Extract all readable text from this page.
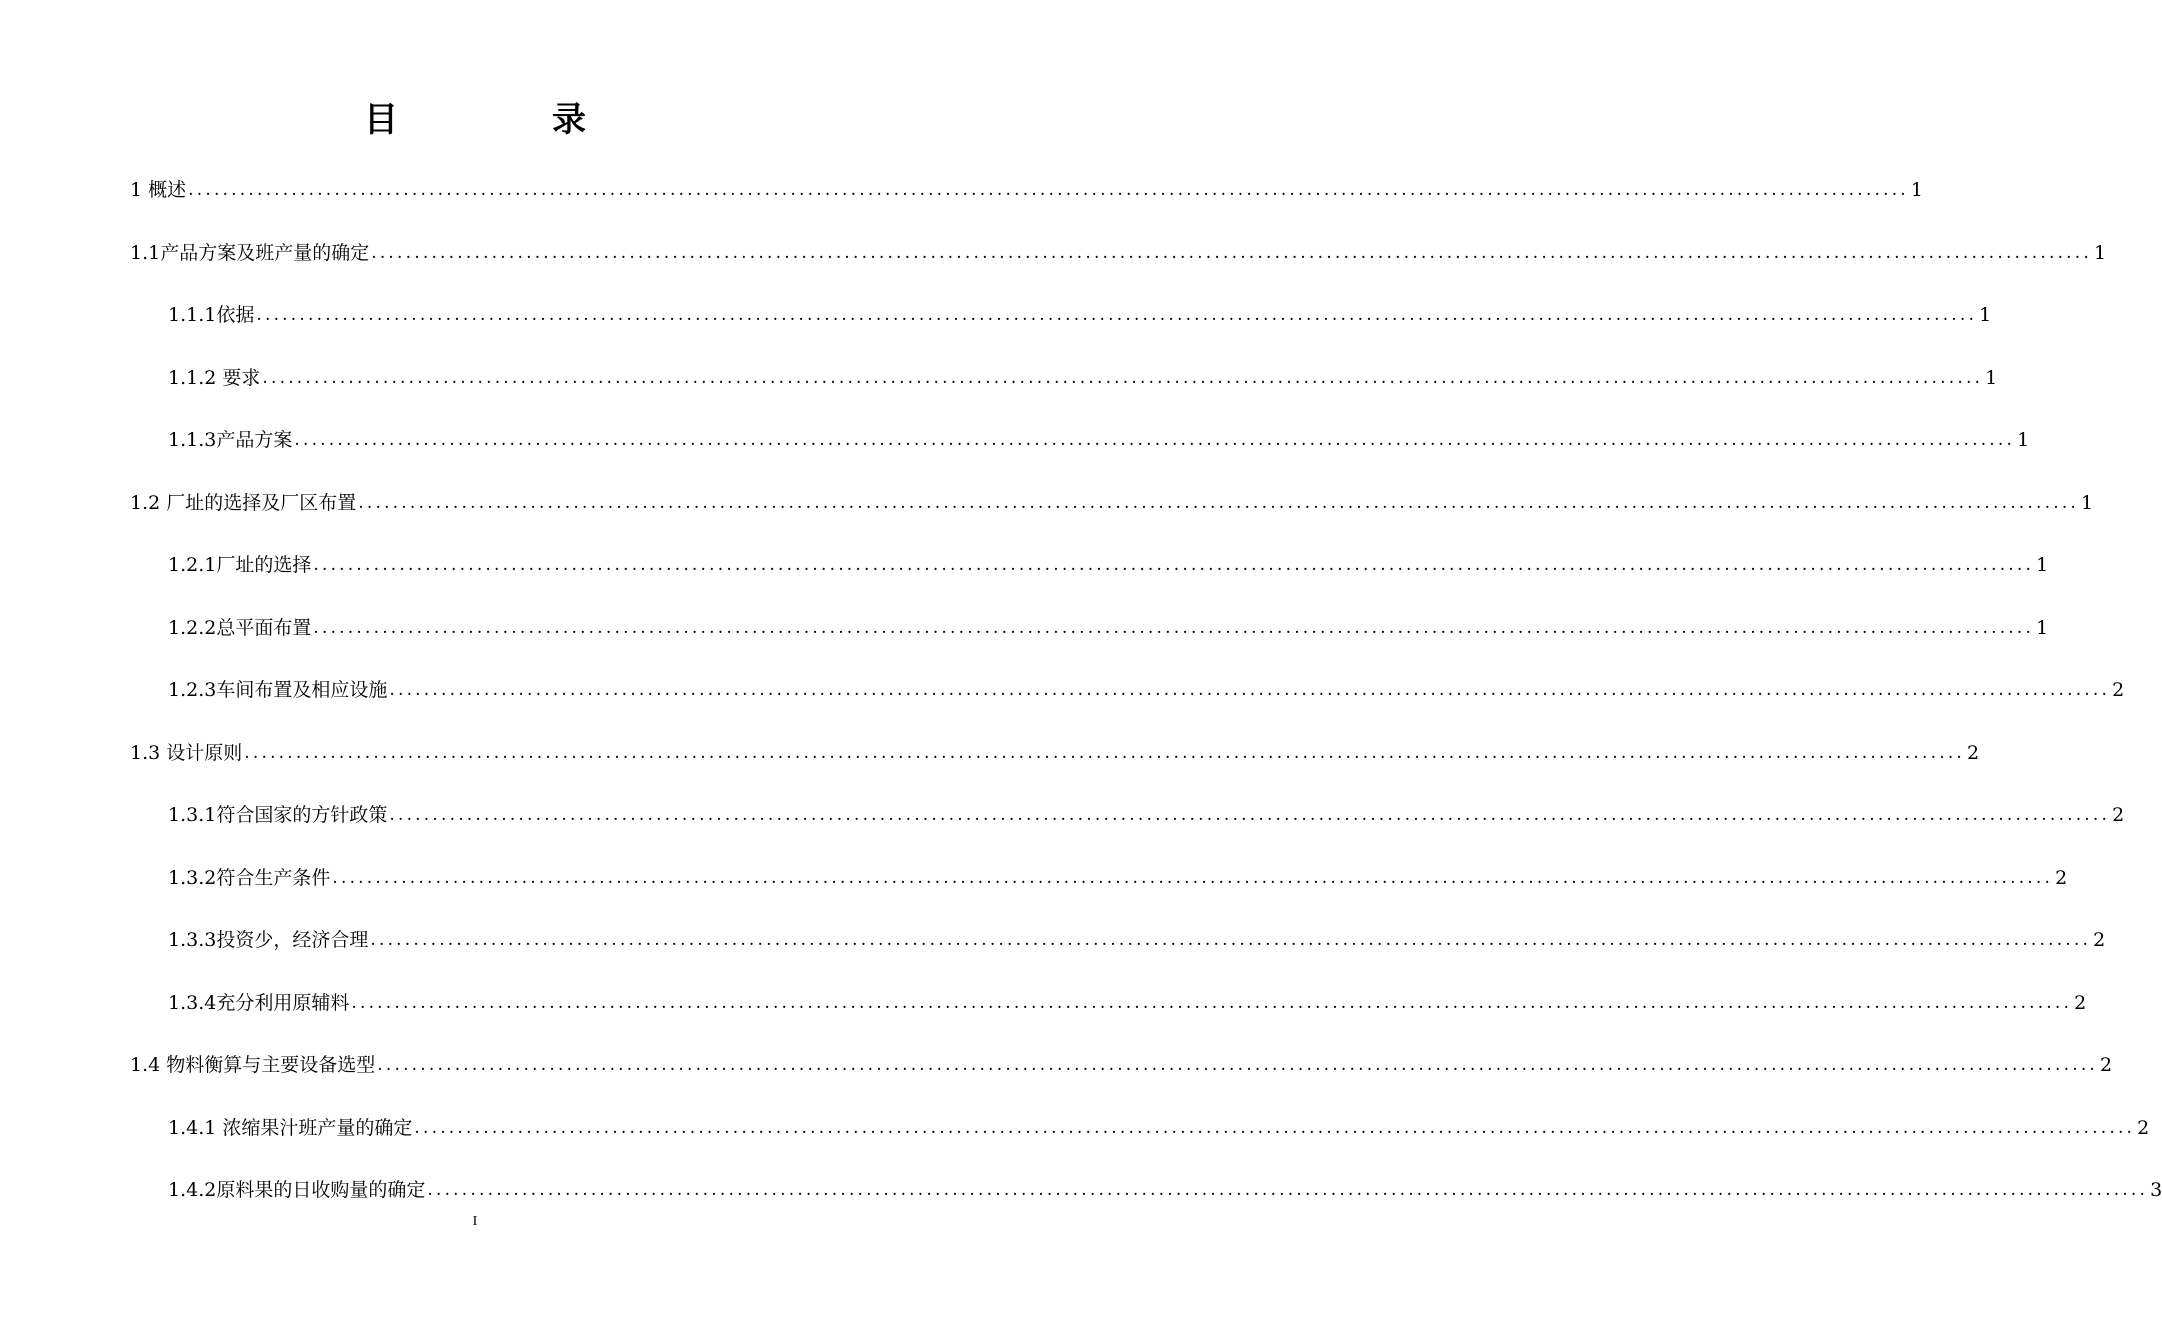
目　录
1 概述 ........................................................................................................................................................................................................ 1
1.1产品方案及班产量的确定 ........................................................................................................................................................................................................ 1
1.1.1依据 ........................................................................................................................................................................................................ 1
1.1.2 要求 ........................................................................................................................................................................................................ 1
1.1.3产品方案 ........................................................................................................................................................................................................ 1
1.2 厂址的选择及厂区布置 ........................................................................................................................................................................................................ 1
1.2.1厂址的选择 ........................................................................................................................................................................................................ 1
1.2.2总平面布置 ........................................................................................................................................................................................................ 1
1.2.3车间布置及相应设施 ........................................................................................................................................................................................................ 2
1.3 设计原则 ........................................................................................................................................................................................................ 2
1.3.1符合国家的方针政策 ........................................................................................................................................................................................................ 2
1.3.2符合生产条件 ........................................................................................................................................................................................................ 2
1.3.3投资少，经济合理 ........................................................................................................................................................................................................ 2
1.3.4充分利用原辅料 ........................................................................................................................................................................................................ 2
1.4 物料衡算与主要设备选型 ........................................................................................................................................................................................................ 2
1.4.1 浓缩果汁班产量的确定 ........................................................................................................................................................................................................ 2
1.4.2原料果的日收购量的确定 ........................................................................................................................................................................................................ 3
I
